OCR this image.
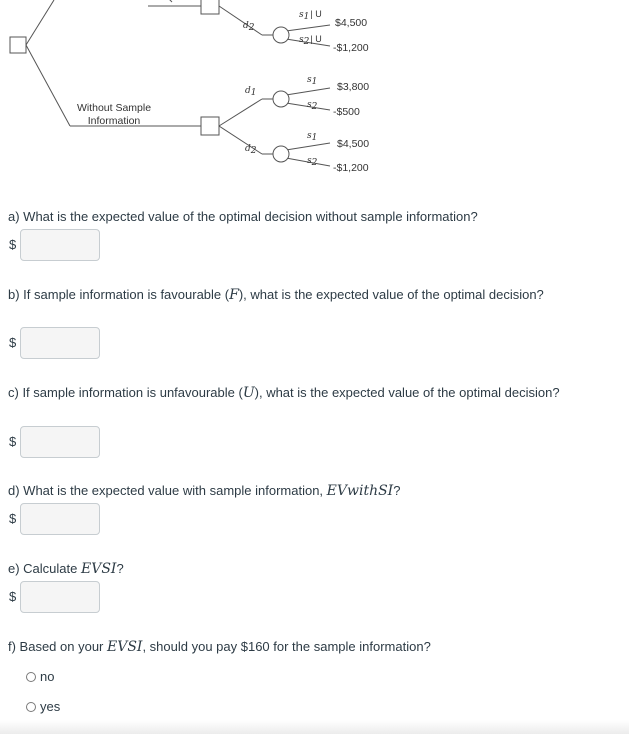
Without Sample
Information
d2
s1| U
s2| U
$4,500
-$1,200
d1
d2
s1
s2
$3,800
-$500
s1
s2
$4,500
-$1,200
a) What is the expected value of the optimal decision without sample information?
$
b) If sample information is favourable (F), what is the expected value of the optimal decision?
$
c) If sample information is unfavourable (U), what is the expected value of the optimal decision?
$
d) What is the expected value with sample information, EVwithSI?
$
e) Calculate EVSI?
$
f) Based on your EVSI, should you pay $160 for the sample information?
no
yes
